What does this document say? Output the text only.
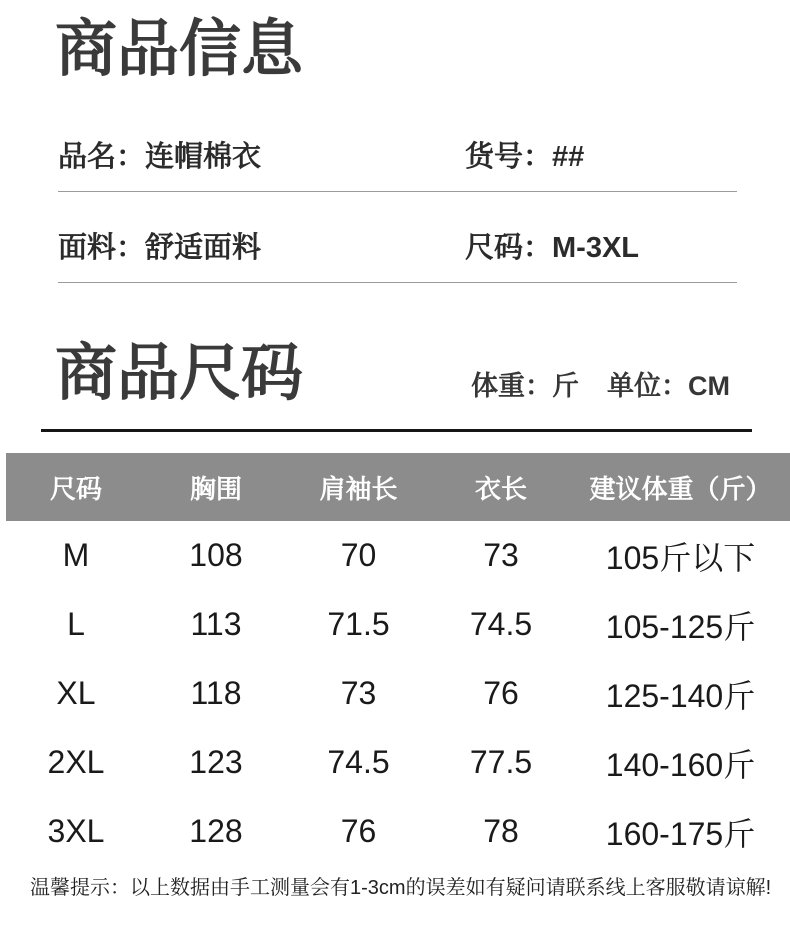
商品信息
品名：连帽棉衣	货号：##
面料：舒适面料	尺码：M-3XL
商品尺码	体重：斤 单位：CM
尺码	胸围	肩袖长	衣长	建议体重（斤）
M	108	70	73	105斤以下
L	113	71.5	74.5	105-125斤
XL	118	73	76	125-140斤
2XL	123	74.5	77.5	140-160斤
3XL	128	76	78	160-175斤
温馨提示：以上数据由手工测量会有1-3cm的误差如有疑问请联系线上客服敬请谅解!
